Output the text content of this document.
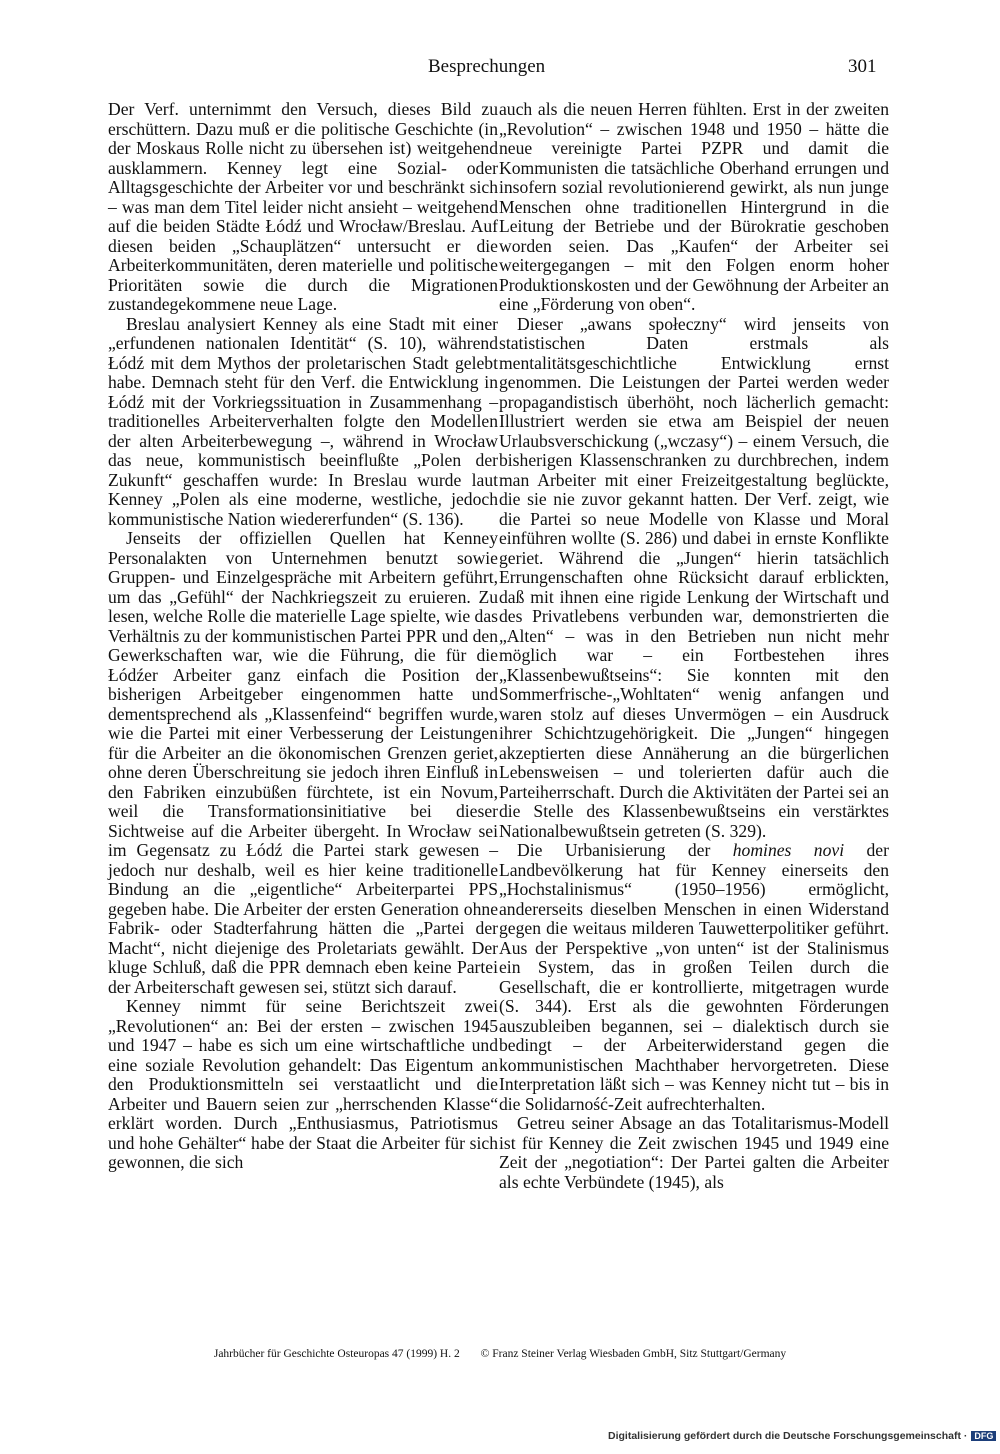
Besprechungen	301

Der Verf. unternimmt den Versuch, dieses Bild zu erschüttern. Dazu muß er die politische Geschichte (in der Moskaus Rolle nicht zu übersehen ist) weitgehend ausklammern. Kenney legt eine Sozial- oder Alltagsgeschichte der Arbeiter vor und beschränkt sich – was man dem Titel leider nicht ansieht – weitgehend auf die beiden Städte Łódź und Wrocław/Breslau. Auf diesen beiden „Schauplätzen“ untersucht er die Arbeiterkommunitäten, deren materielle und politische Prioritäten sowie die durch die Migrationen zustandegekommene neue Lage.

Breslau analysiert Kenney als eine Stadt mit einer „erfundenen nationalen Identität“ (S. 10), während Łódź mit dem Mythos der proletarischen Stadt gelebt habe. Demnach steht für den Verf. die Entwicklung in Łódź mit der Vorkriegssituation in Zusammenhang – traditionelles Arbeiterverhalten folgte den Modellen der alten Arbeiterbewegung –, während in Wrocław das neue, kommunistisch beeinflußte „Polen der Zukunft“ geschaffen wurde: In Breslau wurde laut Kenney „Polen als eine moderne, westliche, jedoch kommunistische Nation wiedererfunden“ (S. 136).

Jenseits der offiziellen Quellen hat Kenney Personalakten von Unternehmen benutzt sowie Gruppen- und Einzelgespräche mit Arbeitern geführt, um das „Gefühl“ der Nachkriegszeit zu eruieren. Zu lesen, welche Rolle die materielle Lage spielte, wie das Verhältnis zu der kommunistischen Partei PPR und den Gewerkschaften war, wie die Führung, die für die Łódźer Arbeiter ganz einfach die Position der bisherigen Arbeitgeber eingenommen hatte und dementsprechend als „Klassenfeind“ begriffen wurde, wie die Partei mit einer Verbesserung der Leistungen für die Arbeiter an die ökonomischen Grenzen geriet, ohne deren Überschreitung sie jedoch ihren Einfluß in den Fabriken einzubüßen fürchtete, ist ein Novum, weil die Transformationsinitiative bei dieser Sichtweise auf die Arbeiter übergeht. In Wrocław sei im Gegensatz zu Łódź die Partei stark gewesen – jedoch nur deshalb, weil es hier keine traditionelle Bindung an die „eigentliche“ Arbeiterpartei PPS gegeben habe. Die Arbeiter der ersten Generation ohne Fabrik- oder Stadterfahrung hätten die „Partei der Macht“, nicht diejenige des Proletariats gewählt. Der kluge Schluß, daß die PPR demnach eben keine Partei der Arbeiterschaft gewesen sei, stützt sich darauf.

Kenney nimmt für seine Berichtszeit zwei „Revolutionen“ an: Bei der ersten – zwischen 1945 und 1947 – habe es sich um eine wirtschaftliche und eine soziale Revolution gehandelt: Das Eigentum an den Produktionsmitteln sei verstaatlicht und die Arbeiter und Bauern seien zur „herrschenden Klasse“ erklärt worden. Durch „Enthusiasmus, Patriotismus und hohe Gehälter“ habe der Staat die Arbeiter für sich gewonnen, die sich

auch als die neuen Herren fühlten. Erst in der zweiten „Revolution“ – zwischen 1948 und 1950 – hätte die neue vereinigte Partei PZPR und damit die Kommunisten die tatsächliche Oberhand errungen und insofern sozial revolutionierend gewirkt, als nun junge Menschen ohne traditionellen Hintergrund in die Leitung der Betriebe und der Bürokratie geschoben worden seien. Das „Kaufen“ der Arbeiter sei weitergegangen – mit den Folgen enorm hoher Produktionskosten und der Gewöhnung der Arbeiter an eine „Förderung von oben“.

Dieser „awans społeczny“ wird jenseits von statistischen Daten erstmals als mentalitätsgeschichtliche Entwicklung ernst genommen. Die Leistungen der Partei werden weder propagandistisch überhöht, noch lächerlich gemacht: Illustriert werden sie etwa am Beispiel der neuen Urlaubsverschickung („wczasy“) – einem Versuch, die bisherigen Klassenschranken zu durchbrechen, indem man Arbeiter mit einer Freizeitgestaltung beglückte, die sie nie zuvor gekannt hatten. Der Verf. zeigt, wie die Partei so neue Modelle von Klasse und Moral einführen wollte (S. 286) und dabei in ernste Konflikte geriet. Während die „Jungen“ hierin tatsächlich Errungenschaften ohne Rücksicht darauf erblickten, daß mit ihnen eine rigide Lenkung der Wirtschaft und des Privatlebens verbunden war, demonstrierten die „Alten“ – was in den Betrieben nun nicht mehr möglich war – ein Fortbestehen ihres „Klassenbewußtseins“: Sie konnten mit den Sommerfrische-„Wohltaten“ wenig anfangen und waren stolz auf dieses Unvermögen – ein Ausdruck ihrer Schichtzugehörigkeit. Die „Jungen“ hingegen akzeptierten diese Annäherung an die bürgerlichen Lebensweisen – und tolerierten dafür auch die Parteiherrschaft. Durch die Aktivitäten der Partei sei an die Stelle des Klassenbewußtseins ein verstärktes Nationalbewußtsein getreten (S. 329).

Die Urbanisierung der homines novi der Landbevölkerung hat für Kenney einerseits den „Hochstalinismus“ (1950–1956) ermöglicht, andererseits dieselben Menschen in einen Widerstand gegen die weitaus milderen Tauwetterpolitiker geführt. Aus der Perspektive „von unten“ ist der Stalinismus ein System, das in großen Teilen durch die Gesellschaft, die er kontrollierte, mitgetragen wurde (S. 344). Erst als die gewohnten Förderungen auszubleiben begannen, sei – dialektisch durch sie bedingt – der Arbeiterwiderstand gegen die kommunistischen Machthaber hervorgetreten. Diese Interpretation läßt sich – was Kenney nicht tut – bis in die Solidarność-Zeit aufrechterhalten.

Getreu seiner Absage an das Totalitarismus-Modell ist für Kenney die Zeit zwischen 1945 und 1949 eine Zeit der „negotiation“: Der Partei galten die Arbeiter als echte Verbündete (1945), als

Jahrbücher für Geschichte Osteuropas 47 (1999) H. 2 © Franz Steiner Verlag Wiesbaden GmbH, Sitz Stuttgart/Germany
Digitalisierung gefördert durch die Deutsche Forschungsgemeinschaft · DFG
